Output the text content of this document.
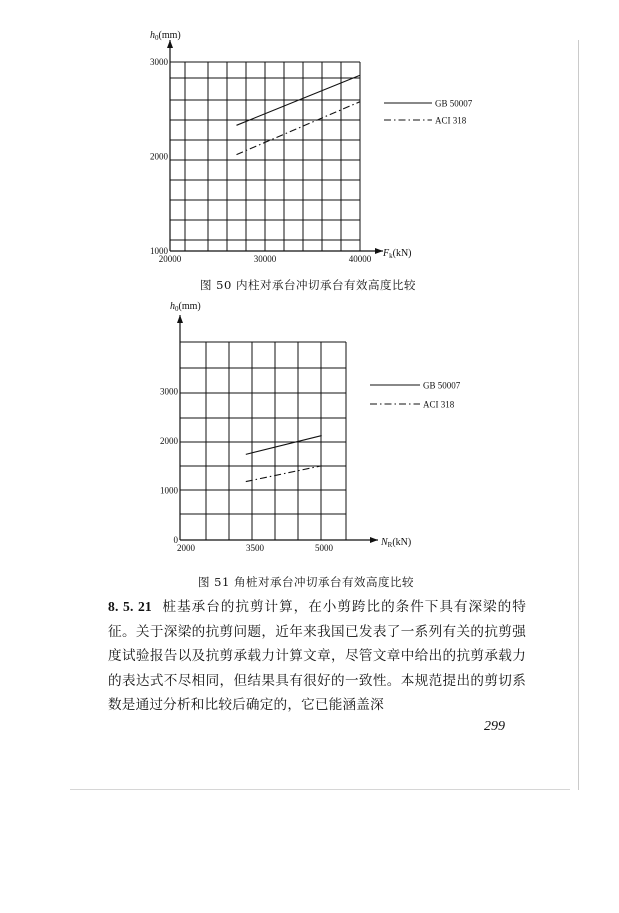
$h_0(mm)$
$F_k(kN)$
1000
2000
3000
20000	30000	40000
GB 50007
ACI 318
$h_0(mm)$
$N_R(kN)$
0
1000
2000
3000
2000	3500	5000
GB 50007
ACI 318
图 50 内柱对承台冲切承台有效高度比较
图 51 角桩对承台冲切承台有效高度比较
8. 5. 21 桩基承台的抗剪计算，在小剪跨比的条件下具有深梁的特征。关于深梁的抗剪问题，近年来我国已发表了一系列有关的抗剪强度试验报告以及抗剪承载力计算文章，尽管文章中给出的抗剪承载力的表达式不尽相同，但结果具有很好的一致性。本规范提出的剪切系数是通过分析和比较后确定的，它已能涵盖深
299
